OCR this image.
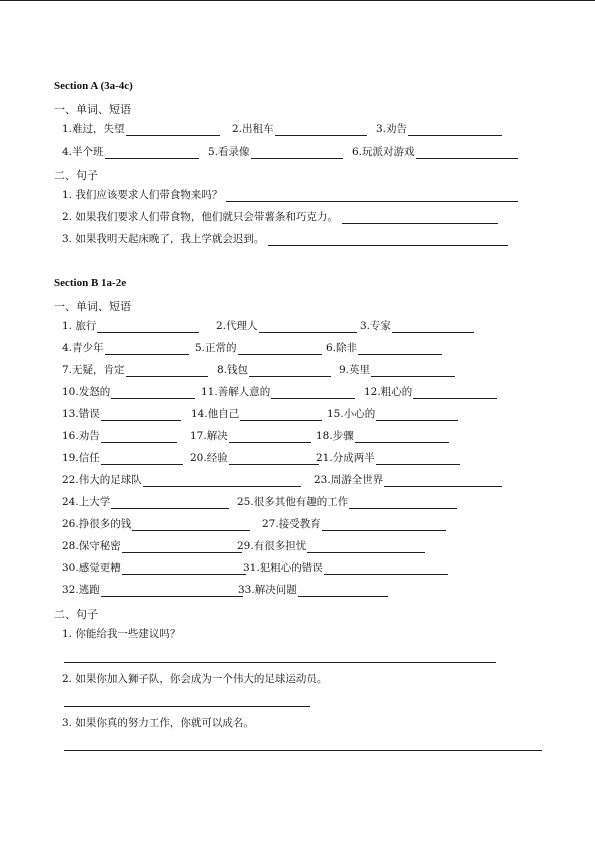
Section A (3a-4c)
一、单词、短语
1.难过，失望	2.出租车	3.劝告
4.半个班	5.看录像	6.玩派对游戏
二、句子
1. 我们应该要求人们带食物来吗？
2. 如果我们要求人们带食物，他们就只会带薯条和巧克力。
3. 如果我明天起床晚了，我上学就会迟到。
Section B 1a-2e
一、单词、短语
1. 旅行	2.代理人	3.专家
4.青少年	5.正常的	6.除非
7.无疑，肯定	8.钱包	9.英里
10.发怒的	11.善解人意的	12.粗心的
13.错误	14.他自己	15.小心的
16.劝告	17.解决	18.步骤
19.信任	20.经验	21.分成两半
22.伟大的足球队	23.周游全世界
24.上大学	25.很多其他有趣的工作
26.挣很多的钱	27.接受教育
28.保守秘密	29.有很多担忧
30.感觉更糟	31.犯粗心的错误
32.逃跑	33.解决问题
二、句子
1. 你能给我一些建议吗？
2. 如果你加入狮子队，你会成为一个伟大的足球运动员。
3. 如果你真的努力工作，你就可以成名。
